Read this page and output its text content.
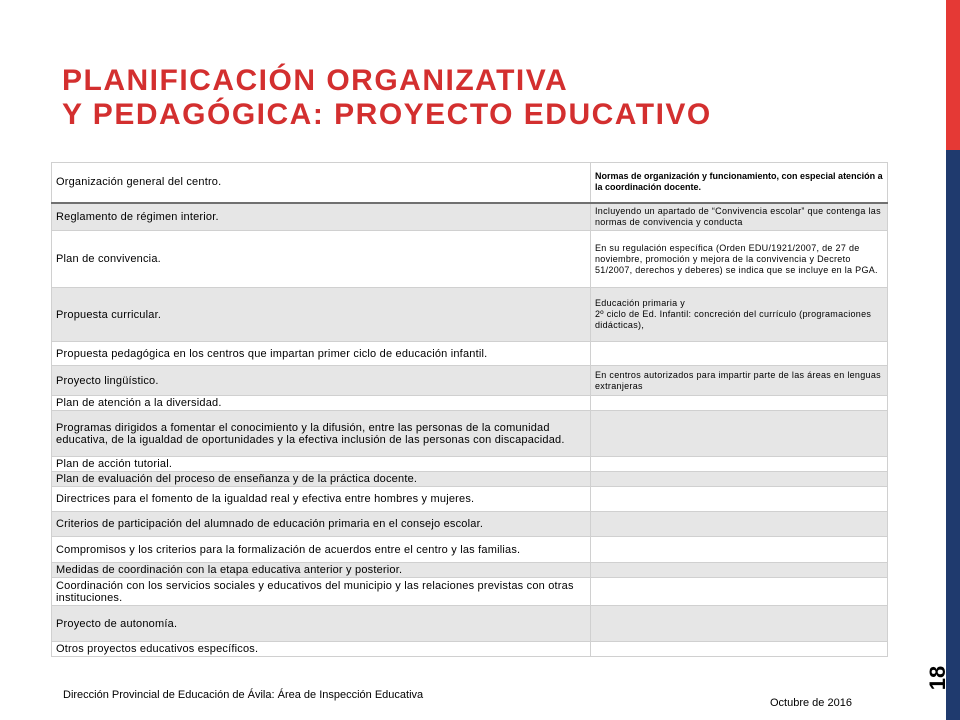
PLANIFICACIÓN ORGANIZATIVA
Y PEDAGÓGICA: PROYECTO EDUCATIVO
Organización general del centro.	Normas de organización y funcionamiento, con especial atención a la coordinación docente.
Reglamento de régimen interior.	Incluyendo un apartado de “Convivencia escolar” que contenga las normas de convivencia y conducta
Plan de convivencia.	En su regulación específica (Orden EDU/1921/2007, de 27 de noviembre, promoción y mejora de la convivencia y Decreto 51/2007, derechos y deberes) se indica que se incluye en la PGA.
Propuesta curricular.	Educación primaria y
2º ciclo de Ed. Infantil: concreción del currículo (programaciones didácticas),
Propuesta pedagógica en los centros que impartan primer ciclo de educación infantil.	
Proyecto lingüístico.	En centros autorizados para impartir parte de las áreas en lenguas extranjeras
Plan de atención a la diversidad.	
Programas dirigidos a fomentar el conocimiento y la difusión, entre las personas de la comunidad educativa, de la igualdad de oportunidades y la efectiva inclusión de las personas con discapacidad.	
Plan de acción tutorial.	
Plan de evaluación del proceso de enseñanza y de la práctica docente.	
Directrices para el fomento de la igualdad real y efectiva entre hombres y mujeres.	
Criterios de participación del alumnado de educación primaria en el consejo escolar.	
Compromisos y los criterios para la formalización de acuerdos entre el centro y las familias.	
Medidas de coordinación con la etapa educativa anterior y posterior.	
Coordinación con los servicios sociales y educativos del municipio y las relaciones previstas con otras instituciones.	
Proyecto de autonomía.	
Otros proyectos educativos específicos.	
18
Dirección Provincial de Educación de Ávila: Área de Inspección Educativa
Octubre de 2016
